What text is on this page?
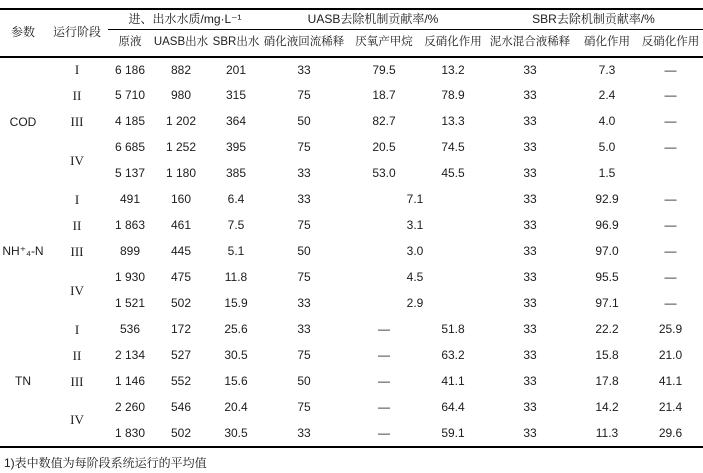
参数	运行阶段	进、出水水质/mg·L⁻¹			UASB去除机制贡献率/%			SBR去除机制贡献率/%		
		原液	UASB出水	SBR出水	硝化液回流稀释	厌氧产甲烷	反硝化作用	泥水混合液稀释	硝化作用	反硝化作用
COD	I	6 186	882	201	33	79.5	13.2	33	7.3	—
	II	5 710	980	315	75	18.7	78.9	33	2.4	—
	III	4 185	1 202	364	50	82.7	13.3	33	4.0	—
	IV	6 685	1 252	395	75	20.5	74.5	33	5.0	—
		5 137	1 180	385	33	53.0	45.5	33	1.5	
NH⁺₄-N	I	491	160	6.4	33	7.1		33	92.9	—
	II	1 863	461	7.5	75	3.1		33	96.9	—
	III	899	445	5.1	50	3.0		33	97.0	—
	IV	1 930	475	11.8	75	4.5		33	95.5	—
		1 521	502	15.9	33	2.9		33	97.1	—
TN	I	536	172	25.6	33	—	51.8	33	22.2	25.9
	II	2 134	527	30.5	75	—	63.2	33	15.8	21.0
	III	1 146	552	15.6	50	—	41.1	33	17.8	41.1
	IV	2 260	546	20.4	75	—	64.4	33	14.2	21.4
		1 830	502	30.5	33	—	59.1	33	11.3	29.6
1)表中数值为每阶段系统运行的平均值
